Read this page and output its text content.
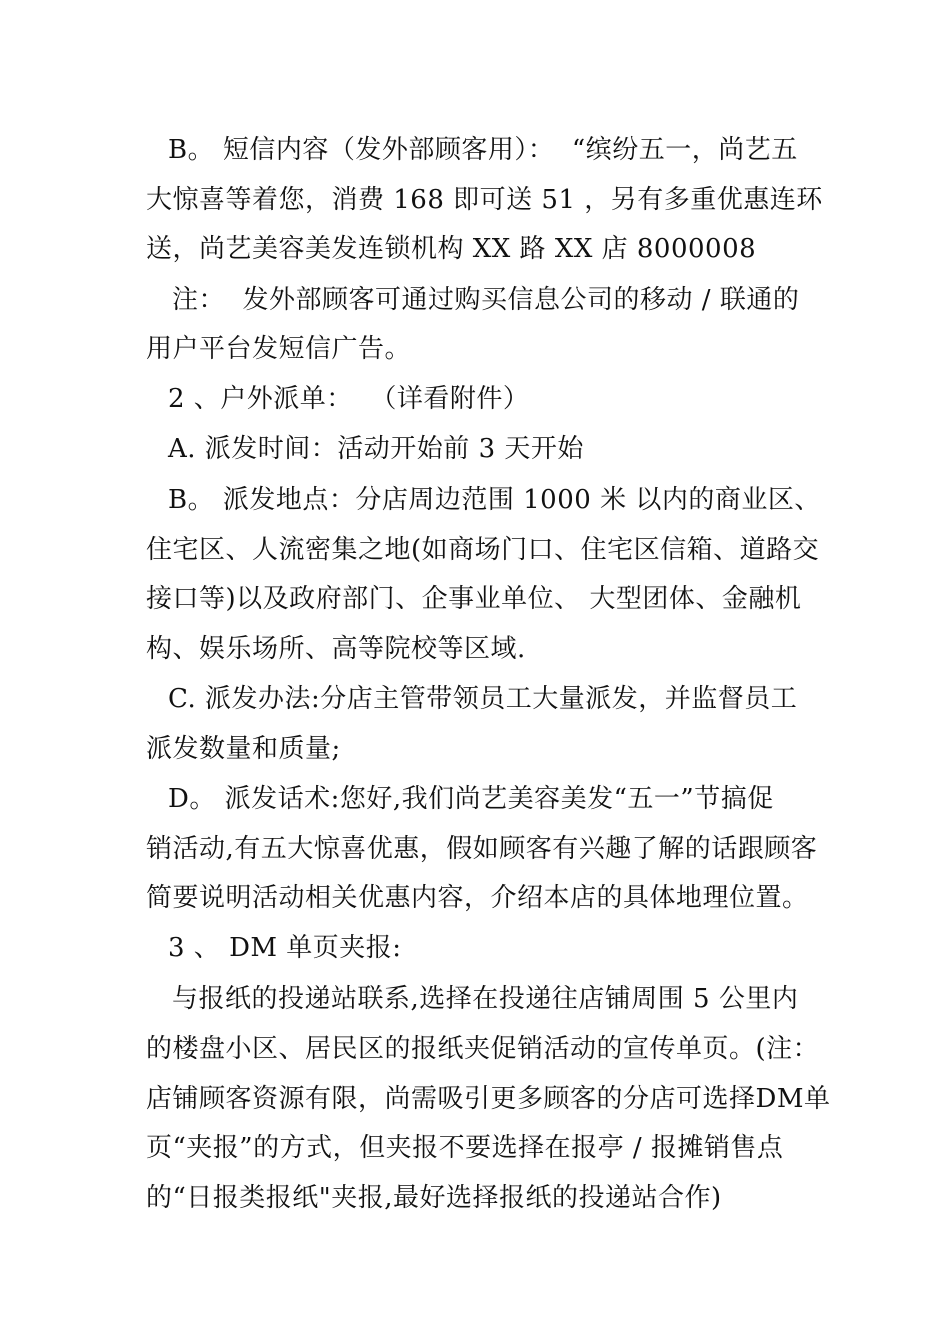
B。 短信内容（发外部顾客用）：  “缤纷五一，尚艺五
大惊喜等着您，消费 168 即可送 51 ，另有多重优惠连环
送，尚艺美容美发连锁机构 XX 路 XX 店 8000008
注：  发外部顾客可通过购买信息公司的移动 / 联通的
用户平台发短信广告。
2 、户外派单：  （详看附件）
A. 派发时间：活动开始前 3 天开始
B。 派发地点：分店周边范围 1000 米 以内的商业区、
住宅区、人流密集之地(如商场门口、住宅区信箱、道路交
接口等)以及政府部门、企事业单位、 大型团体、金融机
构、娱乐场所、高等院校等区域.
C. 派发办法:分店主管带领员工大量派发，并监督员工
派发数量和质量;
D。 派发话术:您好,我们尚艺美容美发“五一”节搞促
销活动,有五大惊喜优惠，假如顾客有兴趣了解的话跟顾客
简要说明活动相关优惠内容，介绍本店的具体地理位置。
3 、 DM 单页夹报:
与报纸的投递站联系,选择在投递往店铺周围 5 公里内
的楼盘小区、居民区的报纸夹促销活动的宣传单页。(注：
店铺顾客资源有限，尚需吸引更多顾客的分店可选择DM单
页“夹报”的方式，但夹报不要选择在报亭 / 报摊销售点
的“日报类报纸"夹报,最好选择报纸的投递站合作)
